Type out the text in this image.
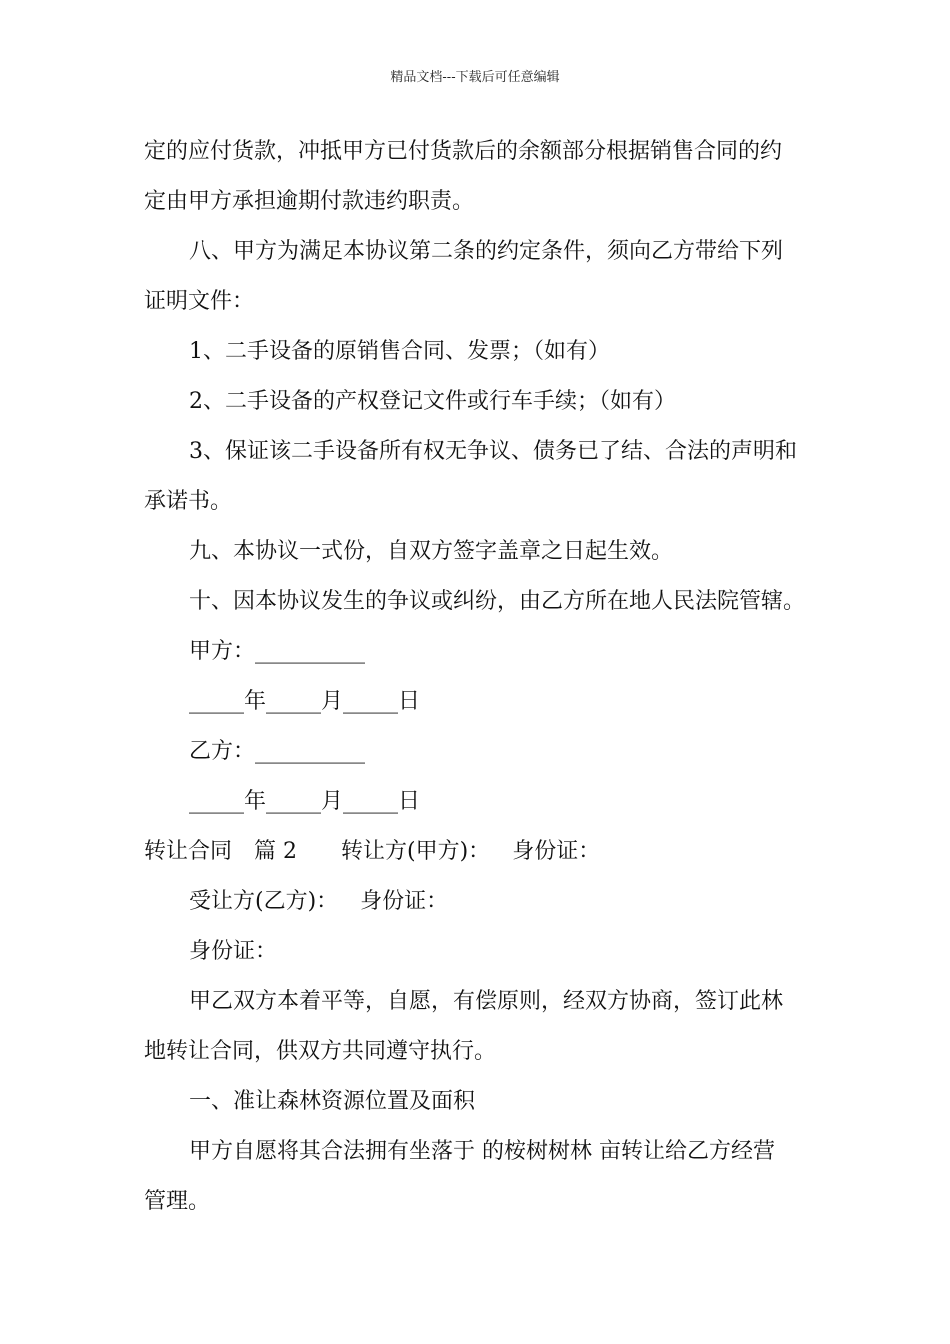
精品文档---下载后可任意编辑
定的应付货款，冲抵甲方已付货款后的余额部分根据销售合同的约
定由甲方承担逾期付款违约职责。
八、甲方为满足本协议第二条的约定条件，须向乙方带给下列
证明文件：
1、二手设备的原销售合同、发票；（如有）
2、二手设备的产权登记文件或行车手续；（如有）
3、保证该二手设备所有权无争议、债务已了结、合法的声明和
承诺书。
九、本协议一式份，自双方签字盖章之日起生效。
十、因本协议发生的争议或纠纷，由乙方所在地人民法院管辖。
甲方：__________
_____年_____月_____日
乙方：__________
_____年_____月_____日
转让合同 篇 2 转让方(甲方)： 身份证：
受让方(乙方)： 身份证：
身份证：
甲乙双方本着平等，自愿，有偿原则，经双方协商，签订此林
地转让合同，供双方共同遵守执行。
一、准让森林资源位置及面积
甲方自愿将其合法拥有坐落于 的桉树树林 亩转让给乙方经营
管理。
